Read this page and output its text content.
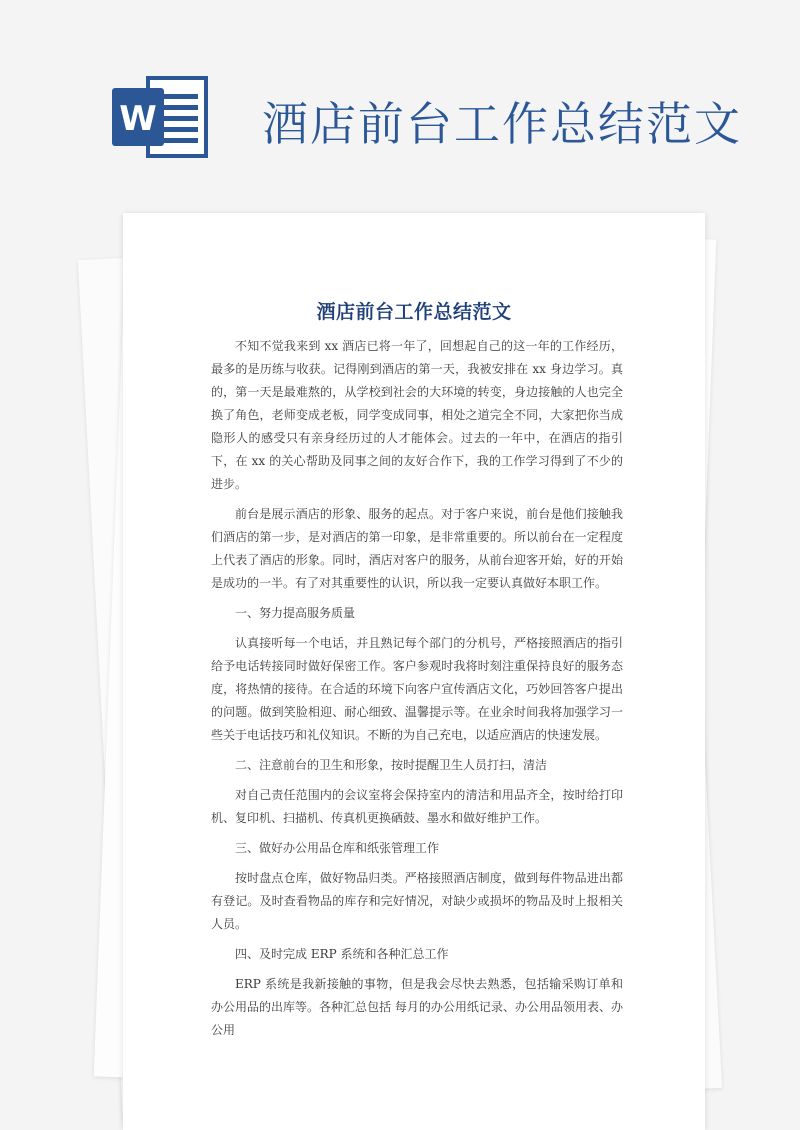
W 酒店前台工作总结范文
酒店前台工作总结范文

不知不觉我来到 xx 酒店已将一年了，回想起自己的这一年的工作经历，最多的是历练与收获。记得刚到酒店的第一天，我被安排在 xx 身边学习。真的，第一天是最难熬的，从学校到社会的大环境的转变，身边接触的人也完全换了角色，老师变成老板，同学变成同事，相处之道完全不同，大家把你当成隐形人的感受只有亲身经历过的人才能体会。过去的一年中，在酒店的指引下，在 xx 的关心帮助及同事之间的友好合作下，我的工作学习得到了不少的进步。

前台是展示酒店的形象、服务的起点。对于客户来说，前台是他们接触我们酒店的第一步，是对酒店的第一印象，是非常重要的。所以前台在一定程度上代表了酒店的形象。同时，酒店对客户的服务，从前台迎客开始，好的开始是成功的一半。有了对其重要性的认识，所以我一定要认真做好本职工作。

一、努力提高服务质量

认真接听每一个电话，并且熟记每个部门的分机号，严格接照酒店的指引给予电话转接同时做好保密工作。客户参观时我将时刻注重保持良好的服务态度，将热情的接待。在合适的环境下向客户宣传酒店文化，巧妙回答客户提出的问题。做到笑脸相迎、耐心细致、温馨提示等。在业余时间我将加强学习一些关于电话技巧和礼仪知识。不断的为自己充电，以适应酒店的快速发展。

二、注意前台的卫生和形象，按时提醒卫生人员打扫，清洁

对自己责任范围内的会议室将会保持室内的清洁和用品齐全，按时给打印机、复印机、扫描机、传真机更换硒鼓、墨水和做好维护工作。

三、做好办公用品仓库和纸张管理工作

按时盘点仓库，做好物品归类。严格接照酒店制度，做到每件物品进出都有登记。及时查看物品的库存和完好情况，对缺少或损坏的物品及时上报相关人员。

四、及时完成 ERP 系统和各种汇总工作

ERP 系统是我新接触的事物，但是我会尽快去熟悉，包括输采购订单和办公用品的出库等。各种汇总包括 每月的办公用纸记录、办公用品领用表、办公用
